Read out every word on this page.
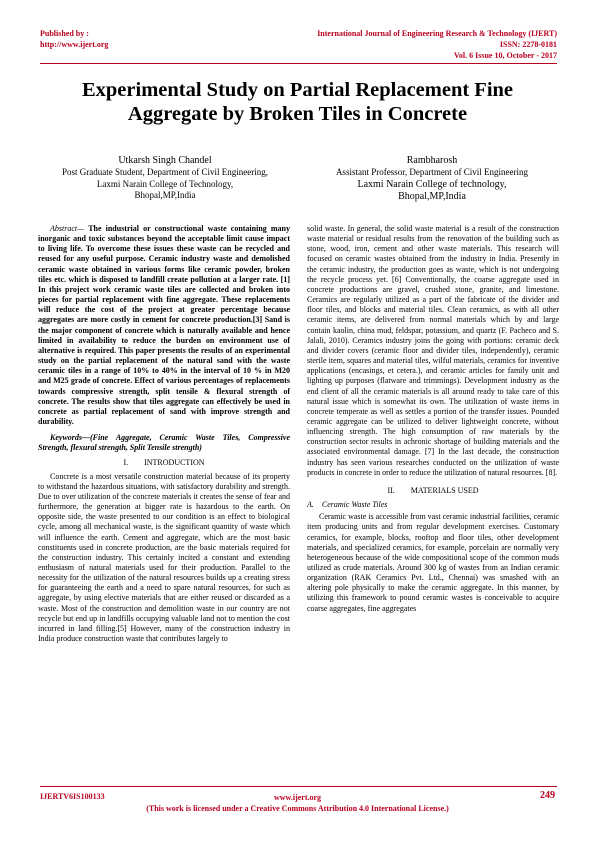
Published by :
http://www.ijert.org
International Journal of Engineering Research & Technology (IJERT)
ISSN: 2278-0181
Vol. 6 Issue 10, October - 2017
Experimental Study on Partial Replacement Fine
Aggregate by Broken Tiles in Concrete
Utkarsh Singh Chandel
Post Graduate Student, Department of Civil Engineering,
Laxmi Narain College of Technology,
Bhopal,MP,India
Rambharosh
Assistant Professor, Department of Civil Engineering
Laxmi Narain College of technology,
Bhopal,MP,India

Abstract— The industrial or constructional waste containing many inorganic and toxic substances beyond the acceptable limit cause impact to living life. To overcome these issues these waste can be recycled and reused for any useful purpose. Ceramic industry waste and demolished ceramic waste obtained in various forms like ceramic powder, broken tiles etc. which is disposed to landfill create pollution at a larger rate. [1] In this project work ceramic waste tiles are collected and broken into pieces for partial replacement with fine aggregate. These replacements will reduce the cost of the project at greater percentage because aggregates are more costly in cement for concrete production.[3] Sand is the major component of concrete which is naturally available and hence limited in availability to reduce the burden on environment use of alternative is required. This paper presents the results of an experimental study on the partial replacement of the natural sand with the waste ceramic tiles in a range of 10% to 40% in the interval of 10 % in M20 and M25 grade of concrete. Effect of various percentages of replacements towards compressive strength, split tensile & flexural strength of concrete. The results show that tiles aggregate can effectively be used in concrete as partial replacement of sand with improve strength and durability.

Keywords—(Fine Aggregate, Ceramic Waste Tiles, Compressive Strength, flexural strength, Split Tensile strength)

I.        INTRODUCTION

Concrete is a most versatile construction material because of its property to withstand the hazardous situations, with satisfactory durability and strength. Due to over utilization of the concrete materials it creates the sense of fear and furthermore, the generation at bigger rate is hazardous to the earth. On opposite side, the waste presented to our condition is an effect to biological cycle, among all mechanical waste, is the significant quantity of waste which will influence the earth. Cement and aggregate, which are the most basic constituents used in concrete production, are the basic materials required for the construction industry. This certainly incited a constant and extending enthusiasm of natural materials used for their production. Parallel to the necessity for the utilization of the natural resources builds up a creating stress for guaranteeing the earth and a need to spare natural resources, for such as aggregate, by using elective materials that are either reused or discarded as a waste. Most of the construction and demolition waste in our country are not recycle but end up in landfills occupying valuable land not to mention the cost incurred in land filling.[5] However, many of the construction industry in India produce construction waste that contributes largely to

solid waste. In general, the solid waste material is a result of the construction waste material or residual results from the renovation of the building such as stone, wood, iron, cement and other waste materials. This research will focused on ceramic wastes obtained from the industry in India. Presently in the ceramic industry, the production goes as waste, which is not undergoing the recycle process yet. [6] Conventionally, the coarse aggregate used in concrete productions are gravel, crushed stone, granite, and limestone. Ceramics are regularly utilized as a part of the fabricate of the divider and floor tiles, and blocks and material tiles. Clean ceramics, as with all other ceramic items, are delivered from normal materials which by and large contain kaolin, china mud, feldspar, potassium, and quartz (F. Pacheco and S. Jalali, 2010). Ceramics industry joins the going with portions: ceramic deck and divider covers (ceramic floor and divider tiles, independently), ceramic sterile item, squares and material tiles, wilful materials, ceramics for inventive applications (encasings, et cetera.), and ceramic articles for family unit and lighting up purposes (flatware and trimmings). Development industry as the end client of all the ceramic materials is all around ready to take care of this natural issue which is somewhat its own. The utilization of waste items in concrete temperate as well as settles a portion of the transfer issues. Pounded ceramic aggregate can be utilized to deliver lightweight concrete, without influencing strength. The high consumption of raw materials by the construction sector results in achronic shortage of building materials and the associated environmental damage. [7] In the last decade, the construction industry has seen various researches conducted on the utilization of waste products in concrete in order to reduce the utilization of natural resources. [8].

II.        MATERIALS USED

A.    Ceramic Waste Tiles

Ceramic waste is accessible from vast ceramic industrial facilities, ceramic item producing units and from regular development exercises. Customary ceramics, for example, blocks, rooftop and floor tiles, other development materials, and specialized ceramics, for example, porcelain are normally very heterogeneous because of the wide compositional scope of the common muds utilized as crude materials. Around 300 kg of wastes from an Indian ceramic organization (RAK Ceramics Pvt. Ltd., Chennai) was smashed with an altering pole physically to make the ceramic aggregate. In this manner, by utilizing this framework to pound ceramic wastes is conceivable to acquire coarse aggregates, fine aggregates

IJERTV6IS100133	www.ijert.org
(This work is licensed under a Creative Commons Attribution 4.0 International License.)
249
